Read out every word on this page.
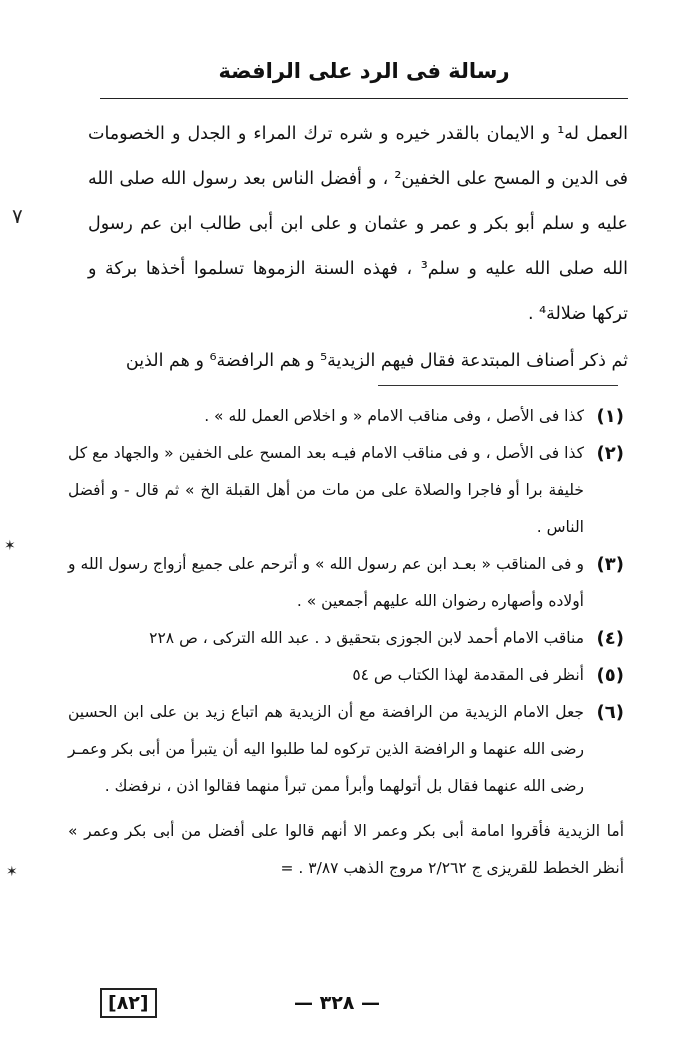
رسالة فى الرد على الرافضة

العمل له¹ و الايمان بالقدر خيره و شره ترك المراء و الجدل و الخصومات فى الدين و المسح على الخفين² ، و أفضل الناس بعد رسول الله صلى الله عليه و سلم أبو بكر و عمر و عثمان و على ابن أبى طالب ابن عم رسول الله صلى الله عليه و سلم³ ، فهذه السنة الزموها تسلموا أخذها بركة و تركها ضلالة⁴ .

ثم ذكر أصناف المبتدعة فقال فيهم الزيدية⁵ و هم الرافضة⁶ و هم الذين

(١)
كذا فى الأصل ، وفى مناقب الامام « و اخلاص العمل لله » .
(٢)
كذا فى الأصل ، و فى مناقب الامام فيـه بعد المسح على الخفين « والجهاد مع كل خليفة برا أو فاجرا والصلاة على من مات من أهل القبلة الخ » ثم قال - و أفضل الناس .
(٣)
و فى المناقب « بعـد ابن عم رسول الله » و أترحم على جميع أزواج رسول الله و أولاده وأصهاره رضوان الله عليهم أجمعين » .
(٤)
مناقب الامام أحمد لابن الجوزى بتحقيق د . عبد الله التركى ، ص ٢٢٨
(٥)
أنظر فى المقدمة لهذا الكتاب ص ٥٤
(٦)
جعل الامام الزيدية من الرافضة مع أن الزيدية هم اتباع زيد بن على ابن الحسين رضى الله عنهما و الرافضة الذين تركوه لما طلبوا اليه أن يتبرأ من أبى بكر وعمـر رضى الله عنهما فقال بل أتولهما وأبرأ ممن تبرأ منهما فقالوا اذن ، نرفضك .

أما الزيدية فأقروا امامة أبى بكر وعمر الا أنهم قالوا على أفضل من أبى بكر وعمر » أنظر الخطط للقريزى ج ٢/٢٦٢ مروج الذهب ٣/٨٧ . =

— ٣٢٨ —
[٨٢]
٧
✶
✶
